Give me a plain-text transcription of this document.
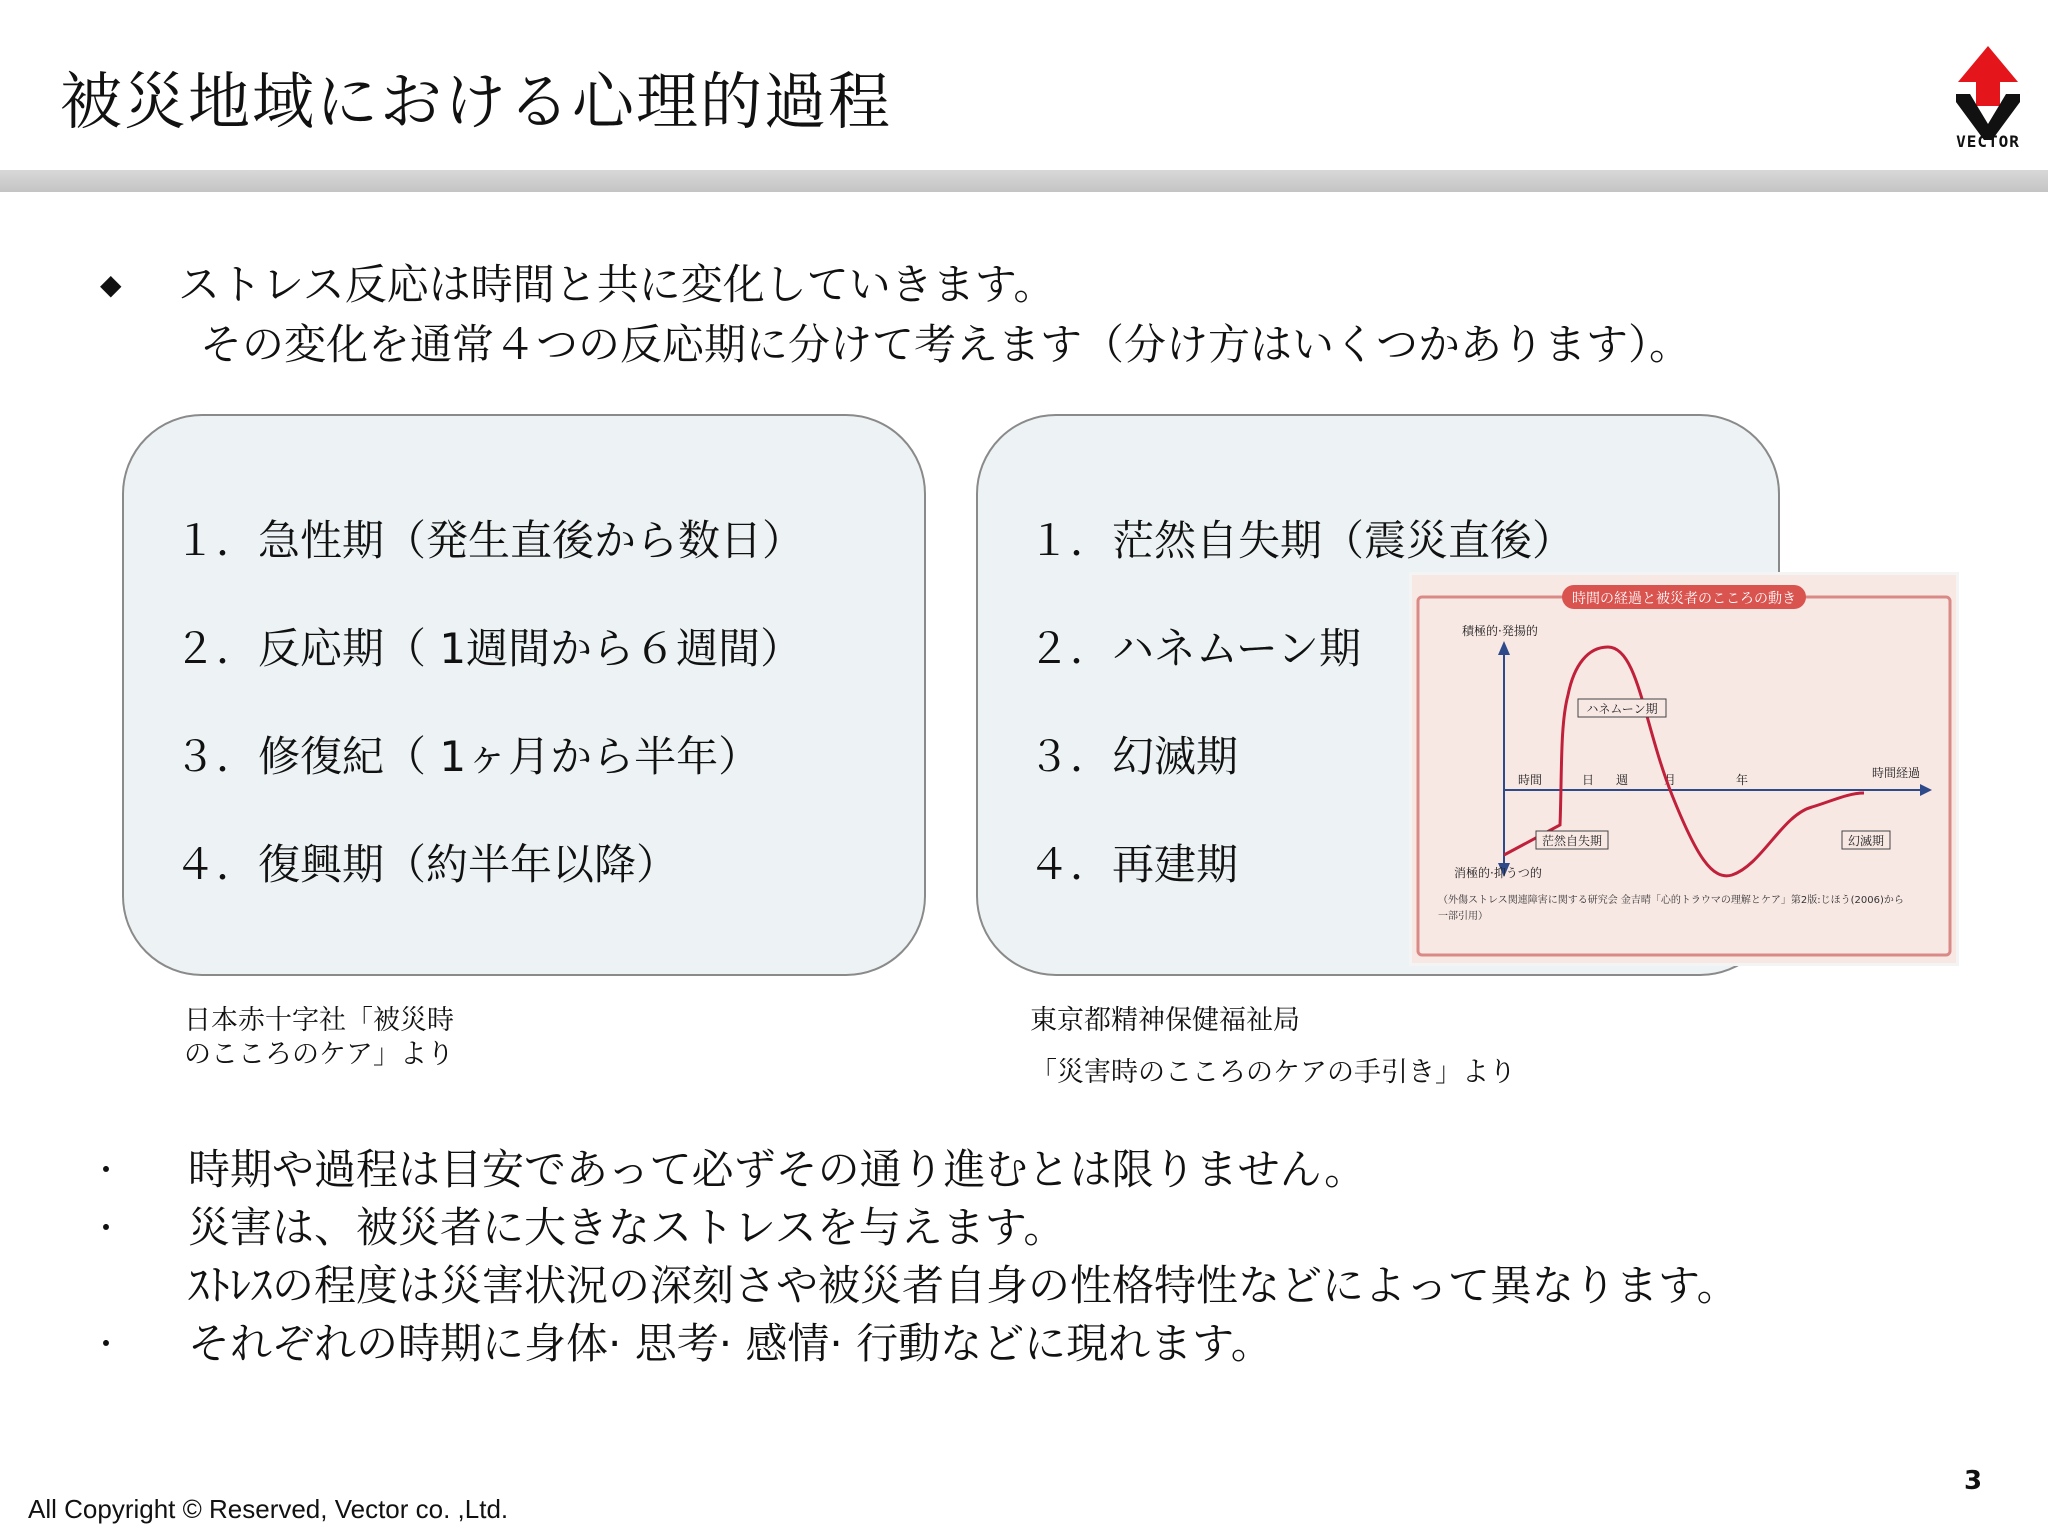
被災地域における心理的過程
VECTOR
◆ ストレス反応は時間と共に変化していきます。
その変化を通常４つの反応期に分けて考えます（分け方はいくつかあります）。
１．急性期（発生直後から数日）
２．反応期（ 1週間から６週間）
３．修復紀（ 1ヶ月から半年）
４．復興期（約半年以降）
１．茫然自失期（震災直後）
２．ハネムーン期
３．幻滅期
４．再建期
時間の経過と被災者のこころの動き
積極的·発揚的
消極的·抑うつ的
時間経過
時間	日 週	月	年
ハネムーン期
茫然自失期	幻滅期
（外傷ストレス関連障害に関する研究会 金吉晴「心的トラウマの理解とケア」第2版:じほう(2006)から
一部引用）
日本赤十字社「被災時
のこころのケア」より
東京都精神保健福祉局
「災害時のこころのケアの手引き」より
・ 時期や過程は目安であって必ずその通り進むとは限りません。
・ 災害は、被災者に大きなストレスを与えます。
ｽﾄﾚｽの程度は災害状況の深刻さや被災者自身の性格特性などによって異なります。
・ それぞれの時期に身体· 思考· 感情· 行動などに現れます。
All Copyright © Reserved, Vector co. ,Ltd.
3
